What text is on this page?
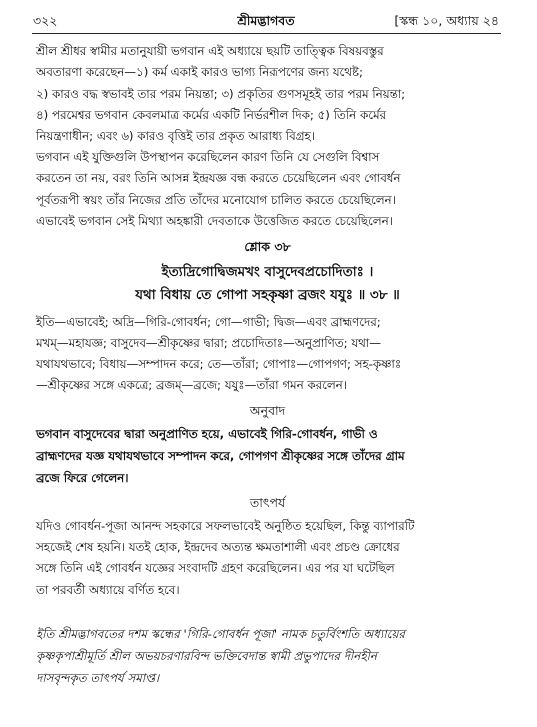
৩২২	শ্রীমদ্ভাগবত	[স্কন্ধ ১০, অধ্যায় ২৪

শ্রীল শ্রীধর স্বামীর মতানুযায়ী ভগবান এই অধ্যায়ে ছয়টি তাত্ত্বিক বিষয়বস্তুর

অবতারণা করেছেন—১) কর্ম একাই কারও ভাগ্য নিরূপণের জন্য যথেষ্ট;

২) কারও বদ্ধ স্বভাবই তার পরম নিয়ন্তা; ৩) প্রকৃতির গুণসমূহই তার পরম নিয়ন্তা;

৪) পরমেশ্বর ভগবান কেবলমাত্র কর্মের একটি নির্ভরশীল দিক; ৫) তিনি কর্মের

নিয়ন্ত্রণাধীন; এবং ৬) কারও বৃত্তিই তার প্রকৃত আরাধ্য বিগ্রহ।

ভগবান এই যুক্তিগুলি উপস্থাপন করেছিলেন কারণ তিনি যে সেগুলি বিশ্বাস

করতেন তা নয়, বরং তিনি আসন্ন ইন্দ্রযজ্ঞ বন্ধ করতে চেয়েছিলেন এবং গোবর্ধন

পূর্বতরূপী স্বয়ং তাঁর নিজের প্রতি তাঁদের মনোযোগ চালিত করতে চেয়েছিলেন।

এভাবেই ভগবান সেই মিথ্যা অহঙ্কারী দেবতাকে উত্তেজিত করতে চেয়েছিলেন।

শ্লোক ৩৮

ইত্যদ্রিগোদ্বিজমখং বাসুদেবপ্রচোদিতাঃ ।

যথা বিধায় তে গোপা সহকৃষ্ণা ব্রজং যযুঃ ॥ ৩৮ ॥

ইতি—এভাবেই; অদ্রি—গিরি-গোবর্ধন; গো—গাভী; দ্বিজ—এবং ব্রাহ্মণদের;

মখম্—মহাযজ্ঞ; বাসুদেব—শ্রীকৃষ্ণের দ্বারা; প্রচোদিতাঃ—অনুপ্রাণিত; যথা—

যথাযথভাবে; বিধায়—সম্পাদন করে; তে—তাঁরা; গোপাঃ—গোপগণ; সহ-কৃষ্ণাঃ

—শ্রীকৃষ্ণের সঙ্গে একত্রে; ব্রজম্—ব্রজে; যযুঃ—তাঁরা গমন করলেন।

অনুবাদ

ভগবান বাসুদেবের দ্বারা অনুপ্রাণিত হয়ে, এভাবেই গিরি-গোবর্ধন, গাভী ও

ব্রাহ্মণদের যজ্ঞ যথাযথভাবে সম্পাদন করে, গোপগণ শ্রীকৃষ্ণের সঙ্গে তাঁদের গ্রাম

ব্রজে ফিরে গেলেন।

তাৎপর্য

যদিও গোবর্ধন-পূজা আনন্দ সহকারে সফলভাবেই অনুষ্ঠিত হয়েছিল, কিন্তু ব্যাপারটি

সহজেই শেষ হয়নি। যতই হোক, ইন্দ্রদেব অত্যন্ত ক্ষমতাশালী এবং প্রচণ্ড ক্রোধের

সঙ্গে তিনি এই গোবর্ধন যজ্ঞের সংবাদটি গ্রহণ করেছিলেন। এর পর যা ঘটেছিল

তা পরবর্তী অধ্যায়ে বর্ণিত হবে।

ইতি শ্রীমদ্ভাগবতের দশম স্কন্ধের 'গিরি-গোবর্ধন পূজা' নামক চতুর্বিংশতি অধ্যায়ের

কৃষ্ণকৃপাশ্রীমূর্তি শ্রীল অভয়চরণারবিন্দ ভক্তিবেদান্ত স্বামী প্রভুপাদের দীনহীন

দাসবৃন্দকৃত তাৎপর্য সমাপ্ত।
